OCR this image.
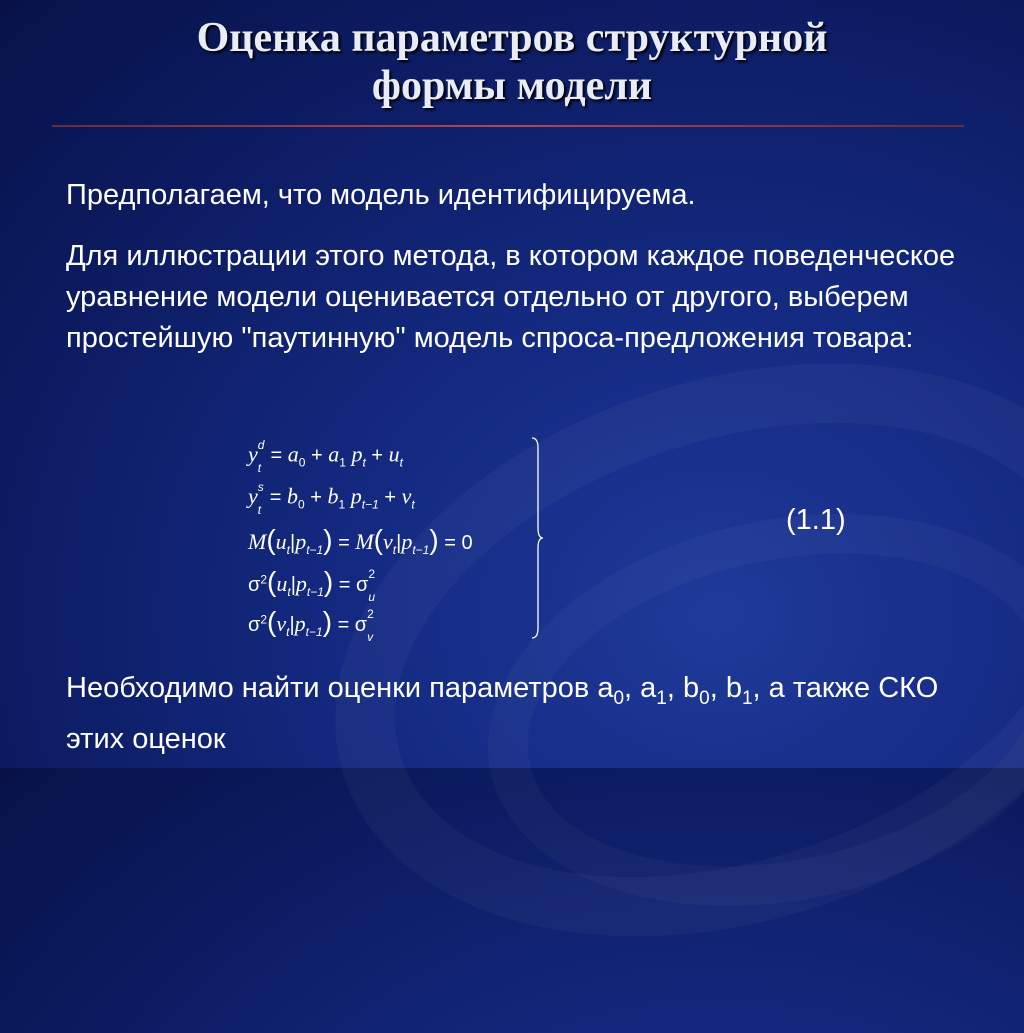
Оценка параметров структурной
формы модели
Предполагаем, что модель идентифицируема.
Для иллюстрации этого метода, в котором каждое поведенческое уравнение модели оценивается отдельно от другого, выберем простейшую "паутинную" модель спроса-предложения товара:
$y^d$
$_t= a_0 + a_1$ $p_t + u_t$
$y^s$
$_t= b_0 + b_1$ $p_{t-1} + v_t$
$M(u_t|p_{t-1}) = M(v_t|p_{t-1}) = 0$
$\sigma^2(u_t|p_{t-1}) = \sigma^2$
$_u$
$\sigma^2(v_t|p_{t-1}) = \sigma^2$
$_v$
(1.1)
Необходимо найти оценки параметров $a_0$, $a_1$, $b_0$, $b_1$, а также СКО этих оценок
